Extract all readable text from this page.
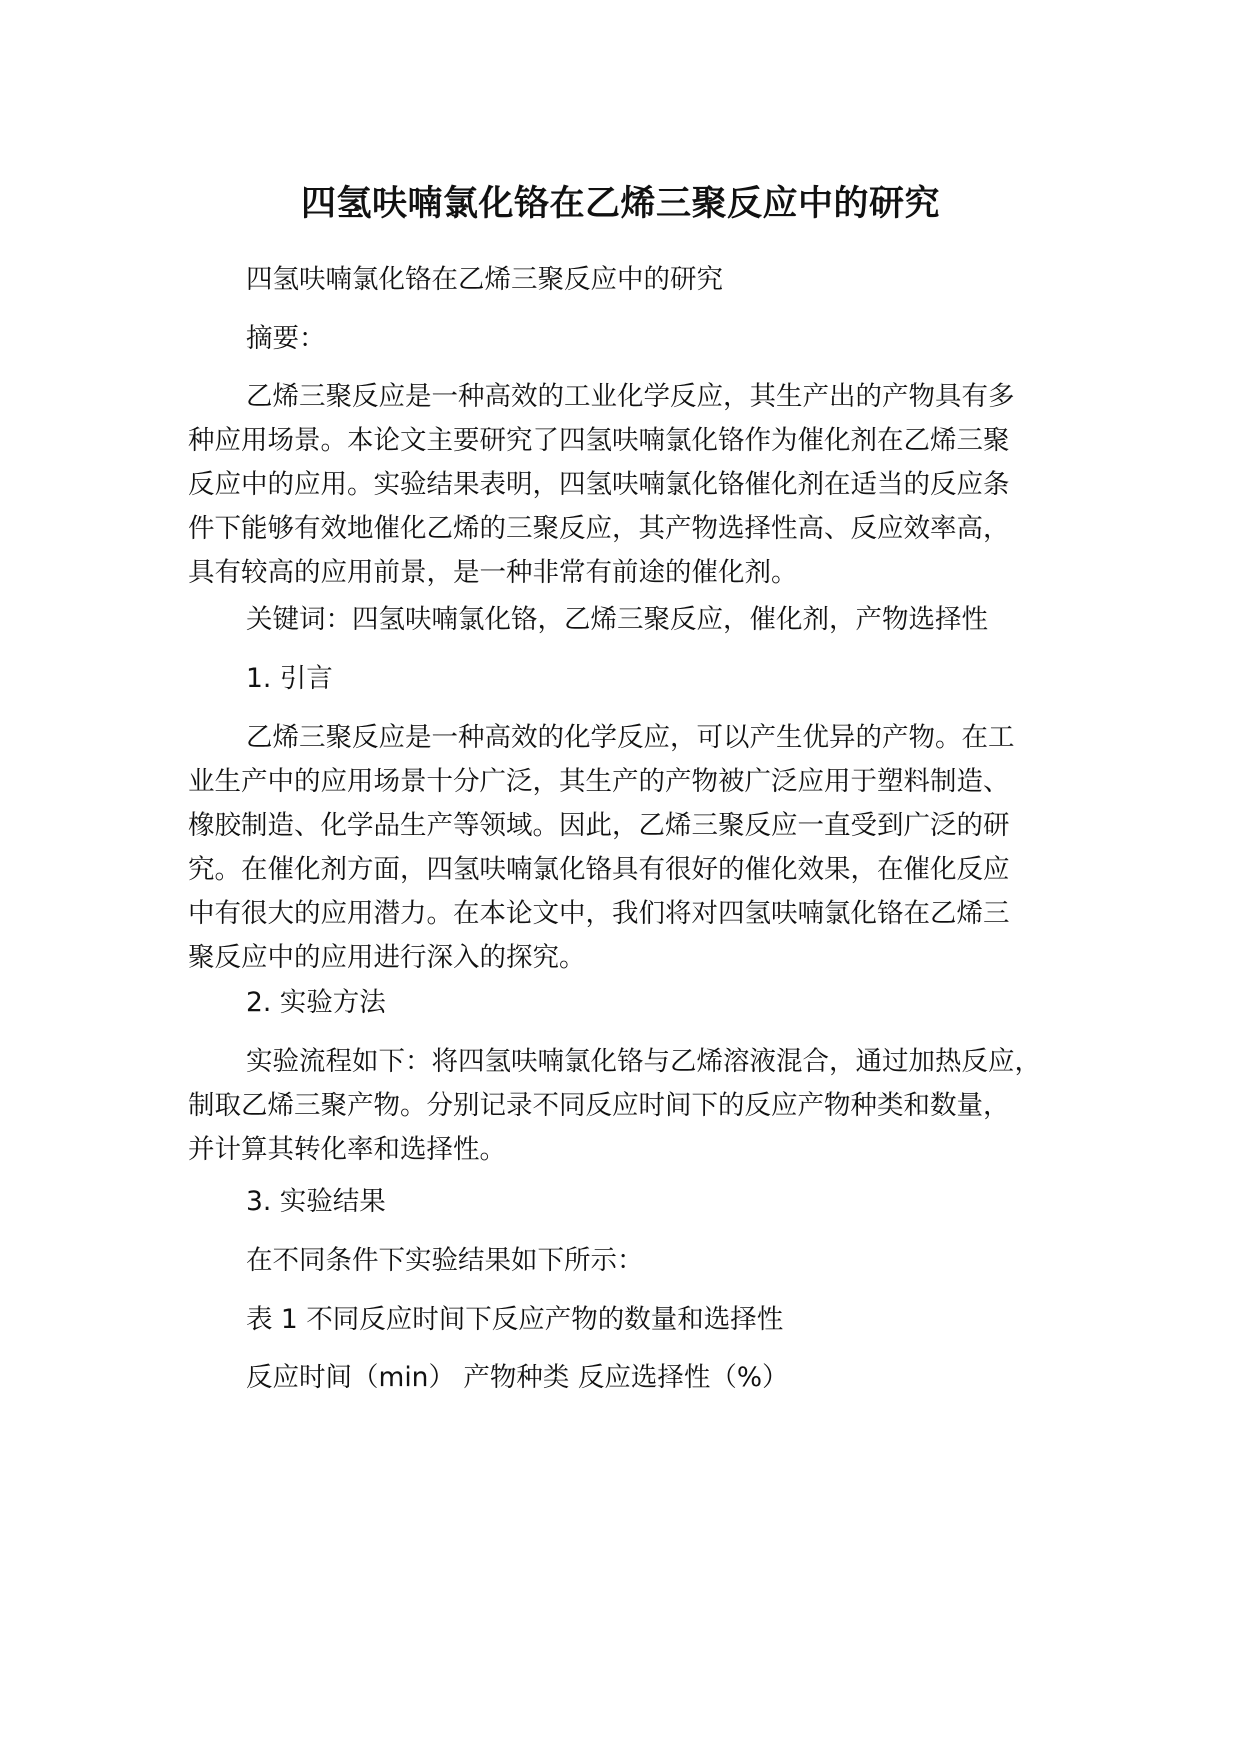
四氢呋喃氯化铬在乙烯三聚反应中的研究
四氢呋喃氯化铬在乙烯三聚反应中的研究
摘要：
乙烯三聚反应是一种高效的工业化学反应，其生产出的产物具有多
种应用场景。本论文主要研究了四氢呋喃氯化铬作为催化剂在乙烯三聚
反应中的应用。实验结果表明，四氢呋喃氯化铬催化剂在适当的反应条
件下能够有效地催化乙烯的三聚反应，其产物选择性高、反应效率高，
具有较高的应用前景，是一种非常有前途的催化剂。
关键词：四氢呋喃氯化铬，乙烯三聚反应，催化剂，产物选择性
1. 引言
乙烯三聚反应是一种高效的化学反应，可以产生优异的产物。在工
业生产中的应用场景十分广泛，其生产的产物被广泛应用于塑料制造、
橡胶制造、化学品生产等领域。因此，乙烯三聚反应一直受到广泛的研
究。在催化剂方面，四氢呋喃氯化铬具有很好的催化效果，在催化反应
中有很大的应用潜力。在本论文中，我们将对四氢呋喃氯化铬在乙烯三
聚反应中的应用进行深入的探究。
2. 实验方法
实验流程如下：将四氢呋喃氯化铬与乙烯溶液混合，通过加热反应，
制取乙烯三聚产物。分别记录不同反应时间下的反应产物种类和数量，
并计算其转化率和选择性。
3. 实验结果
在不同条件下实验结果如下所示：
表 1 不同反应时间下反应产物的数量和选择性
反应时间（min） 产物种类 反应选择性（%）
